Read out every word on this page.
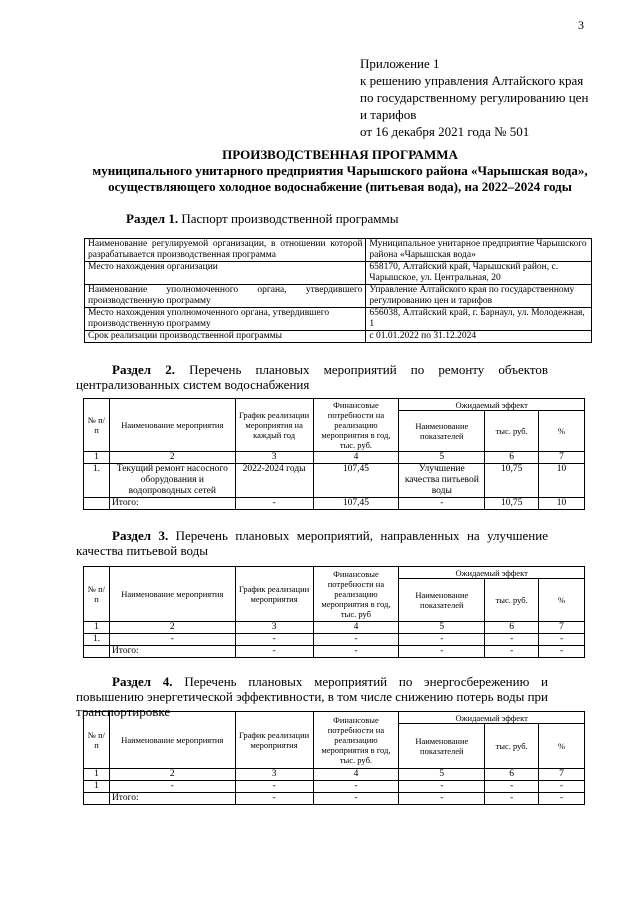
3
Приложение 1
к решению управления Алтайского края
по государственному регулированию цен
и тарифов
от 16 декабря 2021 года № 501
ПРОИЗВОДСТВЕННАЯ ПРОГРАММА
муниципального унитарного предприятия Чарышского района «Чарышская вода»,
осуществляющего холодное водоснабжение (питьевая вода), на 2022–2024 годы
Раздел 1. Паспорт производственной программы
Наименование регулируемой организации, в отношении которой разрабатывается производственная программа	Муниципальное унитарное предприятие Чарышского района «Чарышская вода»
Место нахождения организации	658170, Алтайский край, Чарышский район, с. Чарышское, ул. Центральная, 20
Наименование уполномоченного органа, утвердившего производственную программу	Управление Алтайского края по государственному регулированию цен и тарифов
Место нахождения уполномоченного органа, утвердившего производственную программу	656038, Алтайский край, г. Барнаул, ул. Молодежная, 1
Срок реализации производственной программы	с 01.01.2022 по 31.12.2024
Раздел 2. Перечень плановых мероприятий по ремонту объектов централизованных систем водоснабжения
№ п/п	Наименование мероприятия	График реализации мероприятия на каждый год	Финансовые потребности на реализацию мероприятия в год, тыс. руб.	Ожидаемый эффект		
				Наименование показателей	тыс. руб.	%
1	2	3	4	5	6	7
1.	Текущий ремонт насосного оборудования и водопроводных сетей	2022-2024 годы	107,45	Улучшение качества питьевой воды	10,75	10
	Итого:	-	107,45	-	10,75	10
Раздел 3. Перечень плановых мероприятий, направленных на улучшение качества питьевой воды
№ п/п	Наименование мероприятия	График реализации мероприятия	Финансовые потребности на реализацию мероприятия в год, тыс. руб	Ожидаемый эффект		
				Наименование показателей	тыс. руб.	%
1	2	3	4	5	6	7
1.	-	-	-	-	-	-
	Итого:	-	-	-	-	-
Раздел 4. Перечень плановых мероприятий по энергосбережению и повышению энергетической эффективности, в том числе снижению потерь воды при транспортировке
№ п/п	Наименование мероприятия	График реализации мероприятия	Финансовые потребности на реализацию мероприятия в год, тыс. руб.	Ожидаемый эффект		
				Наименование показателей	тыс. руб.	%
1	2	3	4	5	6	7
1	-	-	-	-	-	-
	Итого:	-	-	-	-	-
